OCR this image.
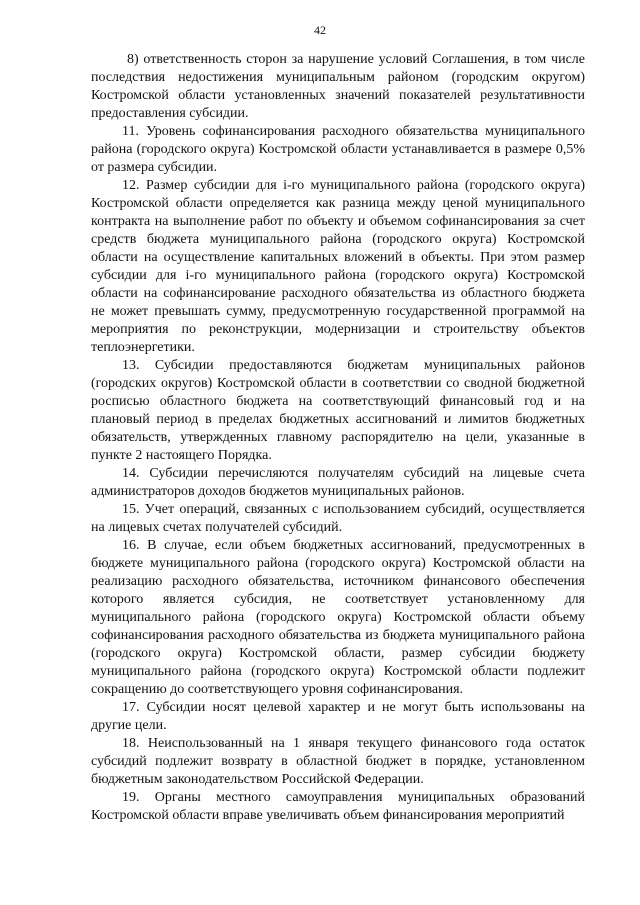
42

8) ответственность сторон за нарушение условий Соглашения, в том числе последствия недостижения муниципальным районом (городским округом) Костромской области установленных значений показателей результативности предоставления субсидии.

11. Уровень софинансирования расходного обязательства муниципального района (городского округа) Костромской области устанавливается в размере 0,5% от размера субсидии.

12. Размер субсидии для i-го муниципального района (городского округа) Костромской области определяется как разница между ценой муниципального контракта на выполнение работ по объекту и объемом софинансирования за счет средств бюджета муниципального района (городского округа) Костромской области на осуществление капитальных вложений в объекты. При этом размер субсидии для i-го муниципального района (городского округа) Костромской области на софинансирование расходного обязательства из областного бюджета не может превышать сумму, предусмотренную государственной программой на мероприятия по реконструкции, модернизации и строительству объектов теплоэнергетики.

13. Субсидии предоставляются бюджетам муниципальных районов (городских округов) Костромской области в соответствии со сводной бюджетной росписью областного бюджета на соответствующий финансовый год и на плановый период в пределах бюджетных ассигнований и лимитов бюджетных обязательств, утвержденных главному распорядителю на цели, указанные в пункте 2 настоящего Порядка.

14. Субсидии перечисляются получателям субсидий на лицевые счета администраторов доходов бюджетов муниципальных районов.

15. Учет операций, связанных с использованием субсидий, осуществляется на лицевых счетах получателей субсидий.

16. В случае, если объем бюджетных ассигнований, предусмотренных в бюджете муниципального района (городского округа) Костромской области на реализацию расходного обязательства, источником финансового обеспечения которого является субсидия, не соответствует установленному для муниципального района (городского округа) Костромской области объему софинансирования расходного обязательства из бюджета муниципального района (городского округа) Костромской области, размер субсидии бюджету муниципального района (городского округа) Костромской области подлежит сокращению до соответствующего уровня софинансирования.

17. Субсидии носят целевой характер и не могут быть использованы на другие цели.

18. Неиспользованный на 1 января текущего финансового года остаток субсидий подлежит возврату в областной бюджет в порядке, установленном бюджетным законодательством Российской Федерации.

19. Органы местного самоуправления муниципальных образований Костромской области вправе увеличивать объем финансирования мероприятий
